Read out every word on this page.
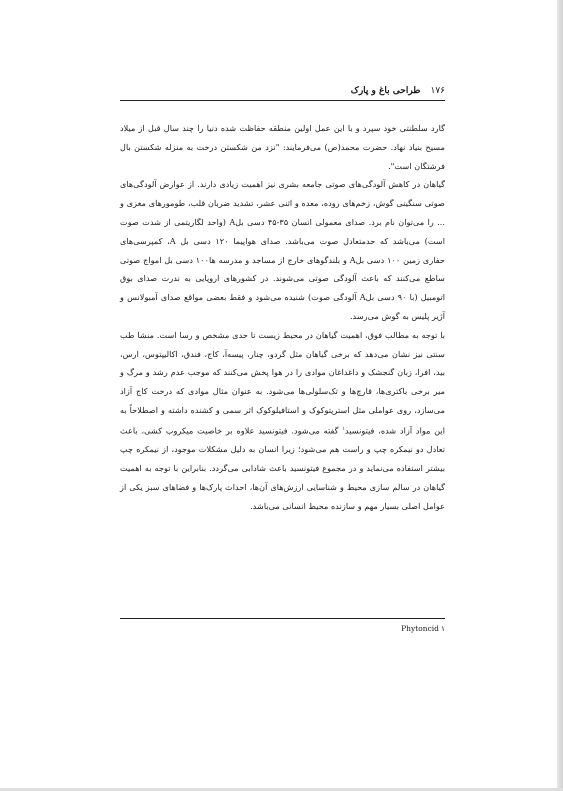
۱۷۶
طراحی باغ و پارک

گارد سلطنتی خود سپرد و با این عمل اولین منطقه حفاظت شده دنیا را چند سال قبل از میلاد مسیح بنیاد نهاد. حضرت محمد(ص) می‌فرمایند: "نزد من شکستن درخت به منزله شکستن بال فرشتگان است".

گیاهان در کاهش آلودگی‌های صوتی جامعه بشری نیز اهمیت زیادی دارند. از عوارض آلودگی‌های صوتی سنگینی گوش، زخم‌های روده، معده و اثنی عشر، تشدید ضربان قلب، طومورهای مغزی و ... را می‌توان نام برد. صدای معمولی انسان ۳۵-۴۵ دسی بلA (واحد لگاریتمی از شدت صوت است) می‌باشد که حدمتعادل صوت می‌باشد. صدای هواپیما ۱۲۰ دسی بل A، کمپرسی‌های حفاری زمین ۱۰۰ دسی بلA و بلندگوهای خارج از مساجد و مدرسه ها۱۰۰ دسی بل امواج صوتی ساطع می‌کنند که باعث آلودگی صوتی می‌شوند. در کشورهای اروپایی به ندرت صدای بوق اتومبیل (با ۹۰ دسی بلA آلودگی صوت) شنیده می‌شود و فقط بعضی مواقع صدای آمبولانس و آژیر پلیس به گوش می‌رسد.

با توجه به مطالب فوق، اهمیت گیاهان در محیط زیست تا حدی مشخص و رسا است. منشا طب سنتی نیز نشان می‌دهد که برخی گیاهان مثل گردو، چنار، پیسه‌آ، کاج، فندق، اکالیپتوس، ارس، بید، افرا، زبان گنجشک و داغداغان موادی را در هوا پخش می‌کنند که موجب عدم رشد و مرگ و میر برخی باکتری‌ها، قارچ‌ها و تک‌سلولی‌ها می‌شود. به عنوان مثال موادی که درخت کاج آزاد می‌سازد، روی عواملی مثل استرپتوکوک و استافیلوکوک اثر سمی و کشنده داشته و اصطلاحاً به این مواد آزاد شده، فیتونسید$^۱$ گفته می‌شود. فیتونسید علاوه بر خاصیت میکروب کشی، باعث تعادل دو نیمکره چپ و راست هم می‌شود؛ زیرا انسان به دلیل مشکلات موجود، از نیمکره چپ بیشتر استفاده می‌نماید و در مجموع فیتونسید باعث شادابی می‌گردد. بنابراین با توجه به اهمیت گیاهان در سالم سازی محیط و شناسایی ارزش‌های آن‌ها، احداث پارک‌ها و فضاهای سبز یکی از عوامل اصلی بسیار مهم و سازنده محیط انسانی می‌باشد.

۱
Phytoncid
